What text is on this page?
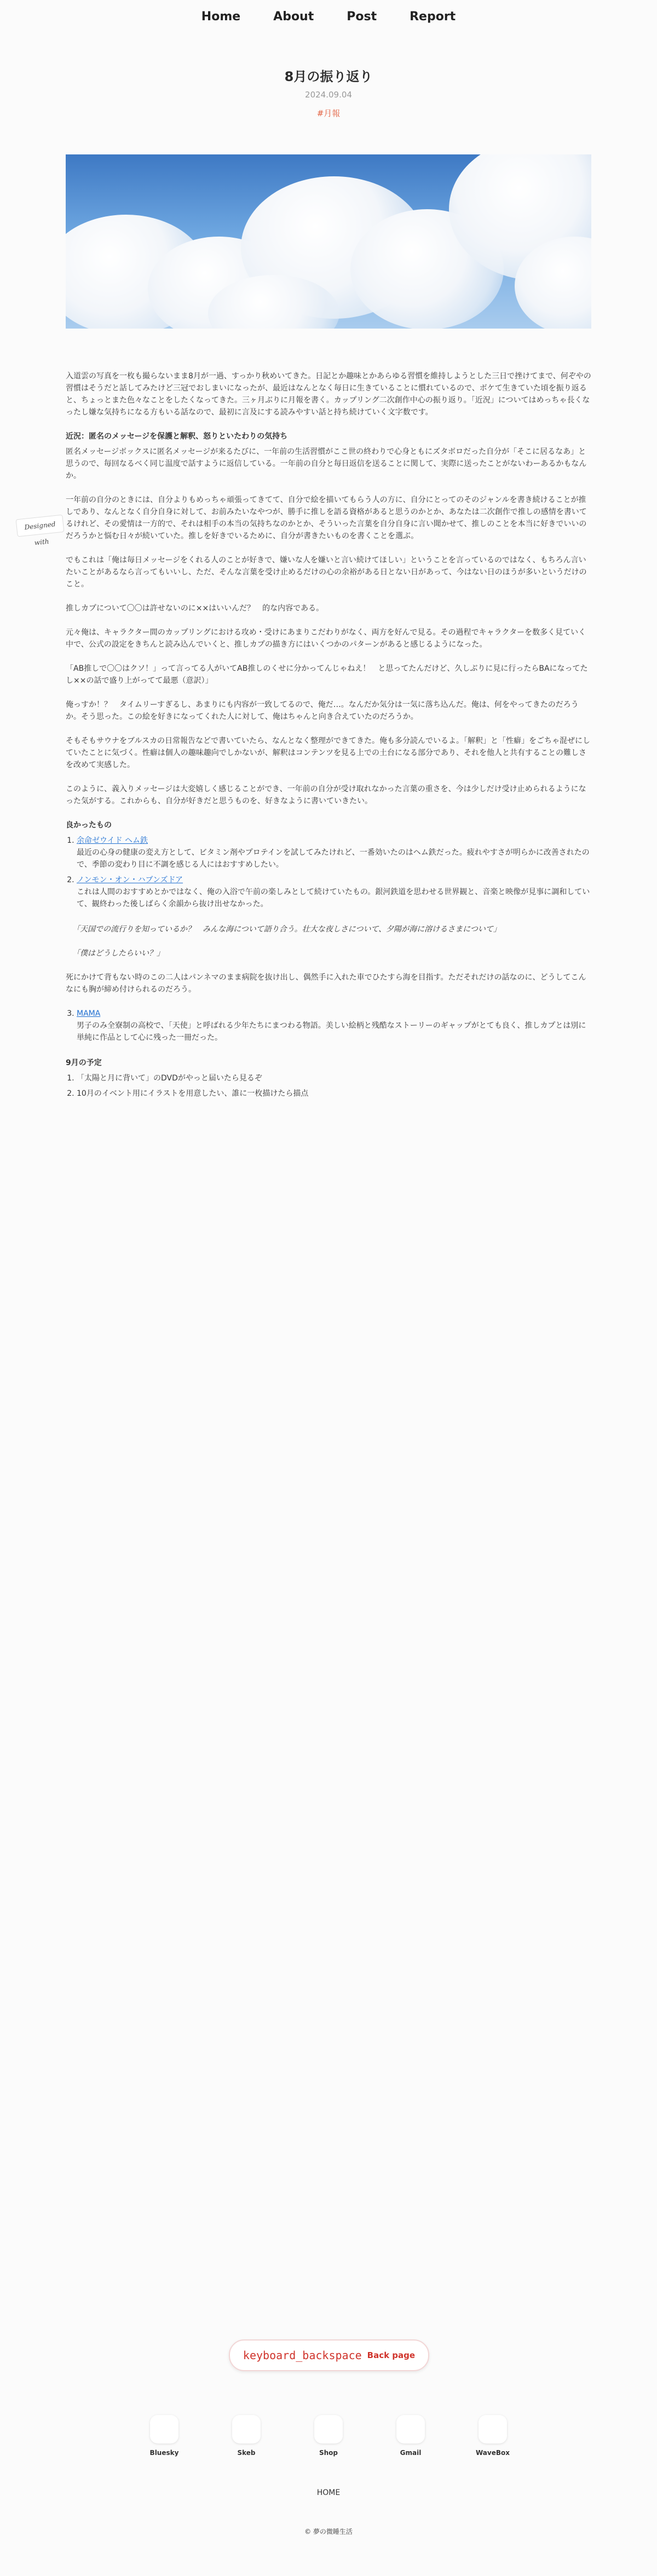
Home	About	Post	Report
8月の振り返り
2024.09.04
#月報
Designed with

入道雲の写真を一枚も撮らないまま8月が一過、すっかり秋めいてきた。日記とか趣味とかあらゆる習慣を維持しようとした三日で挫けてまで、何ぞやの習慣はそうだと話してみたけど三冠でおしまいになったが、最近はなんとなく毎日に生きていることに慣れているので、ボケて生きていた頃を振り返ると、ちょっとまた色々なことをしたくなってきた。三ヶ月ぶりに月報を書く。カップリング二次創作中心の振り返り。「近況」についてはめっちゃ長くなったし嫌な気持ちになる方もいる話なので、最初に言及にする読みやすい話と持ち続けていく文字数です。

近況：匿名のメッセージを保護と解釈、怒りといたわりの気持ち

匿名メッセージボックスに匿名メッセージが来るたびに、一年前の生活習慣がここ世の終わりで心身ともにズタボロだった自分が「そこに居るなあ」と思うので、毎回なるべく同じ温度で話すように返信している。一年前の自分と毎日返信を送ることに関して、実際に送ったことがないわーあるかもなんか。

一年前の自分のときには、自分よりもめっちゃ頑張ってきてて、自分で絵を描いてもらう人の方に、自分にとってのそのジャンルを書き続けることが推しであり、なんとなく自分自身に対して、お前みたいなやつが、勝手に推しを語る資格があると思うのかとか、あなたは二次創作で推しの感情を書いてるけれど、その愛情は一方的で、それは相手の本当の気持ちなのかとか、そういった言葉を自分自身に言い聞かせて、推しのことを本当に好きでいいのだろうかと悩む日々が続いていた。推しを好きでいるために、自分が書きたいものを書くことを選ぶ。

でもこれは「俺は毎日メッセージをくれる人のことが好きで、嫌いな人を嫌いと言い続けてほしい」ということを言っているのではなく、もちろん言いたいことがあるなら言ってもいいし、ただ、そんな言葉を受け止めるだけの心の余裕がある日とない日があって、今はない日のほうが多いというだけのこと。

推しカプについて〇〇は許せないのに××はいいんだ？　的な内容である。

元々俺は、キャラクター間のカップリングにおける攻め・受けにあまりこだわりがなく、両方を好んで見る。その過程でキャラクターを数多く見ていく中で、公式の設定をきちんと読み込んでいくと、推しカプの描き方にはいくつかのパターンがあると感じるようになった。

「AB推しで〇〇はクソ！」って言ってる人がいてAB推しのくせに分かってんじゃねえ！　と思ってたんだけど、久しぶりに見に行ったらBAになってたし××の話で盛り上がってて最悪（意訳）」

俺っすか！？　タイムリーすぎるし、あまりにも内容が一致してるので、俺だ…。なんだか気分は一気に落ち込んだ。俺は、何をやってきたのだろうか。そう思った。この絵を好きになってくれた人に対して、俺はちゃんと向き合えていたのだろうか。

そもそもサウナをブルスカの日常報告などで書いていたら、なんとなく整理ができてきた。俺も多分読んでいるよ。「解釈」と「性癖」をごちゃ混ぜにしていたことに気づく。性癖は個人の趣味趣向でしかないが、解釈はコンテンツを見る上での土台になる部分であり、それを他人と共有することの難しさを改めて実感した。

このように、義入りメッセージは大変嬉しく感じることができ、一年前の自分が受け取れなかった言葉の重さを、今は少しだけ受け止められるようになった気がする。これからも、自分が好きだと思うものを、好きなように書いていきたい。

良かったもの
1. 余命ゼウイド ヘム鉄
最近の心身の健康の変え方として、ビタミン剤やプロテインを試してみたけれど、一番効いたのはヘム鉄だった。疲れやすさが明らかに改善されたので、季節の変わり目に不調を感じる人にはおすすめしたい。
2. ノンモン・オン・ハブンズドア
これは人間のおすすめとかではなく、俺の入浴で午前の楽しみとして続けていたもの。銀河鉄道を思わせる世界観と、音楽と映像が見事に調和していて、観終わった後しばらく余韻から抜け出せなかった。
「天国での流行りを知っているか？　みんな海について語り合う。壮大な夜しさについて、夕陽が海に溶けるさまについて」
「僕はどうしたらいい？」

死にかけて背もない時のこの二人はパンネマのまま病院を抜け出し、偶然手に入れた車でひたすら海を目指す。ただそれだけの話なのに、どうしてこんなにも胸が締め付けられるのだろう。

3. MAMA
男子のみ全寮制の高校で、「天使」と呼ばれる少年たちにまつわる物語。美しい絵柄と残酷なストーリーのギャップがとても良く、推しカプとは別に単純に作品として心に残った一冊だった。
9月の予定
1. 「太陽と月に背いて」のDVDがやっと届いたら見るぞ
2. 10月のイベント用にイラストを用意したい、誰に一枚描けたら描点
keyboard_backspace Back page
Bluesky	Skeb	Shop	Gmail	WaveBox
HOME
© 夢の微睡生活
